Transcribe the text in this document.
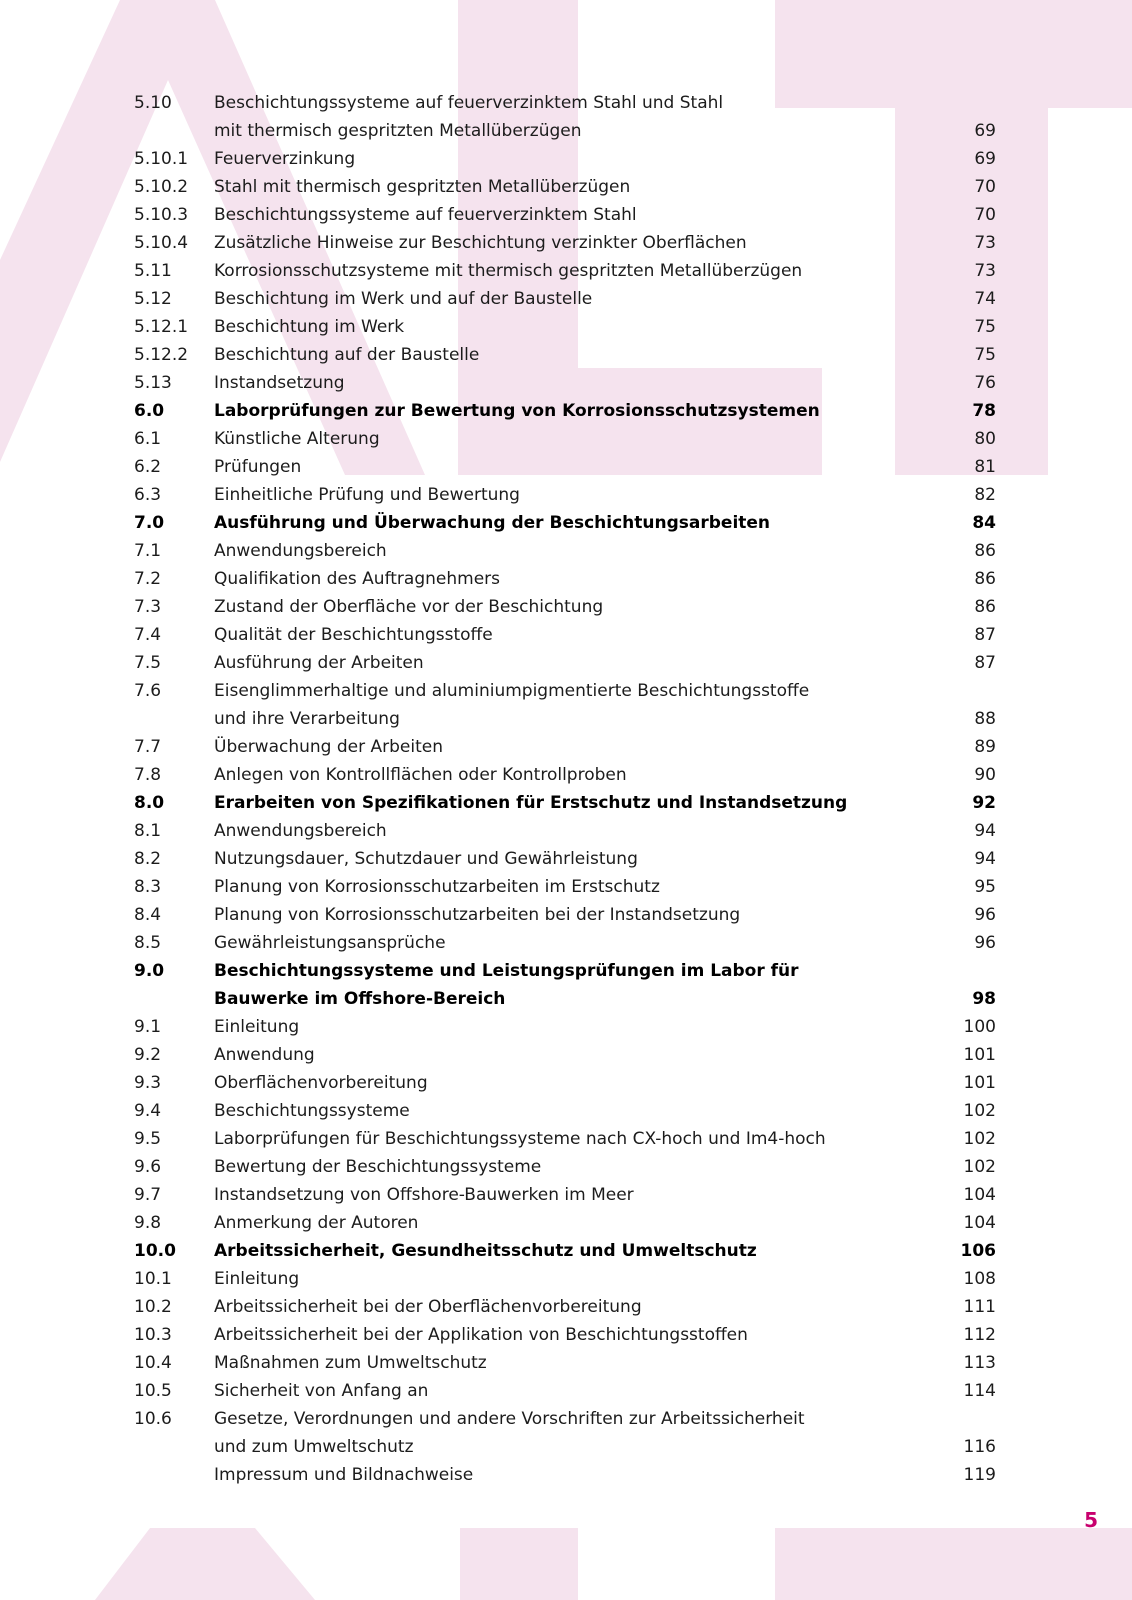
5.10	Beschichtungssysteme auf feuerverzinktem Stahl und Stahl
mit thermisch gespritzten Metallüberzügen	69
5.10.1	Feuerverzinkung	69
5.10.2	Stahl mit thermisch gespritzten Metallüberzügen	70
5.10.3	Beschichtungssysteme auf feuerverzinktem Stahl	70
5.10.4	Zusätzliche Hinweise zur Beschichtung verzinkter Oberflächen	73
5.11	Korrosionsschutzsysteme mit thermisch gespritzten Metallüberzügen	73
5.12	Beschichtung im Werk und auf der Baustelle	74
5.12.1	Beschichtung im Werk	75
5.12.2	Beschichtung auf der Baustelle	75
5.13	Instandsetzung	76
6.0	Laborprüfungen zur Bewertung von Korrosionsschutzsystemen	78
6.1	Künstliche Alterung	80
6.2	Prüfungen	81
6.3	Einheitliche Prüfung und Bewertung	82
7.0	Ausführung und Überwachung der Beschichtungsarbeiten	84
7.1	Anwendungsbereich	86
7.2	Qualifikation des Auftragnehmers	86
7.3	Zustand der Oberfläche vor der Beschichtung	86
7.4	Qualität der Beschichtungsstoffe	87
7.5	Ausführung der Arbeiten	87
7.6	Eisenglimmerhaltige und aluminiumpigmentierte Beschichtungsstoffe
und ihre Verarbeitung	88
7.7	Überwachung der Arbeiten	89
7.8	Anlegen von Kontrollflächen oder Kontrollproben	90
8.0	Erarbeiten von Spezifikationen für Erstschutz und Instandsetzung	92
8.1	Anwendungsbereich	94
8.2	Nutzungsdauer, Schutzdauer und Gewährleistung	94
8.3	Planung von Korrosionsschutzarbeiten im Erstschutz	95
8.4	Planung von Korrosionsschutzarbeiten bei der Instandsetzung	96
8.5	Gewährleistungsansprüche	96
9.0	Beschichtungssysteme und Leistungsprüfungen im Labor für
Bauwerke im Offshore-Bereich	98
9.1	Einleitung	100
9.2	Anwendung	101
9.3	Oberflächenvorbereitung	101
9.4	Beschichtungssysteme	102
9.5	Laborprüfungen für Beschichtungssysteme nach CX-hoch und Im4-hoch	102
9.6	Bewertung der Beschichtungssysteme	102
9.7	Instandsetzung von Offshore-Bauwerken im Meer	104
9.8	Anmerkung der Autoren	104
10.0	Arbeitssicherheit, Gesundheitsschutz und Umweltschutz	106
10.1	Einleitung	108
10.2	Arbeitssicherheit bei der Oberflächenvorbereitung	111
10.3	Arbeitssicherheit bei der Applikation von Beschichtungsstoffen	112
10.4	Maßnahmen zum Umweltschutz	113
10.5	Sicherheit von Anfang an	114
10.6	Gesetze, Verordnungen und andere Vorschriften zur Arbeitssicherheit
und zum Umweltschutz	116
Impressum und Bildnachweise	119
5
